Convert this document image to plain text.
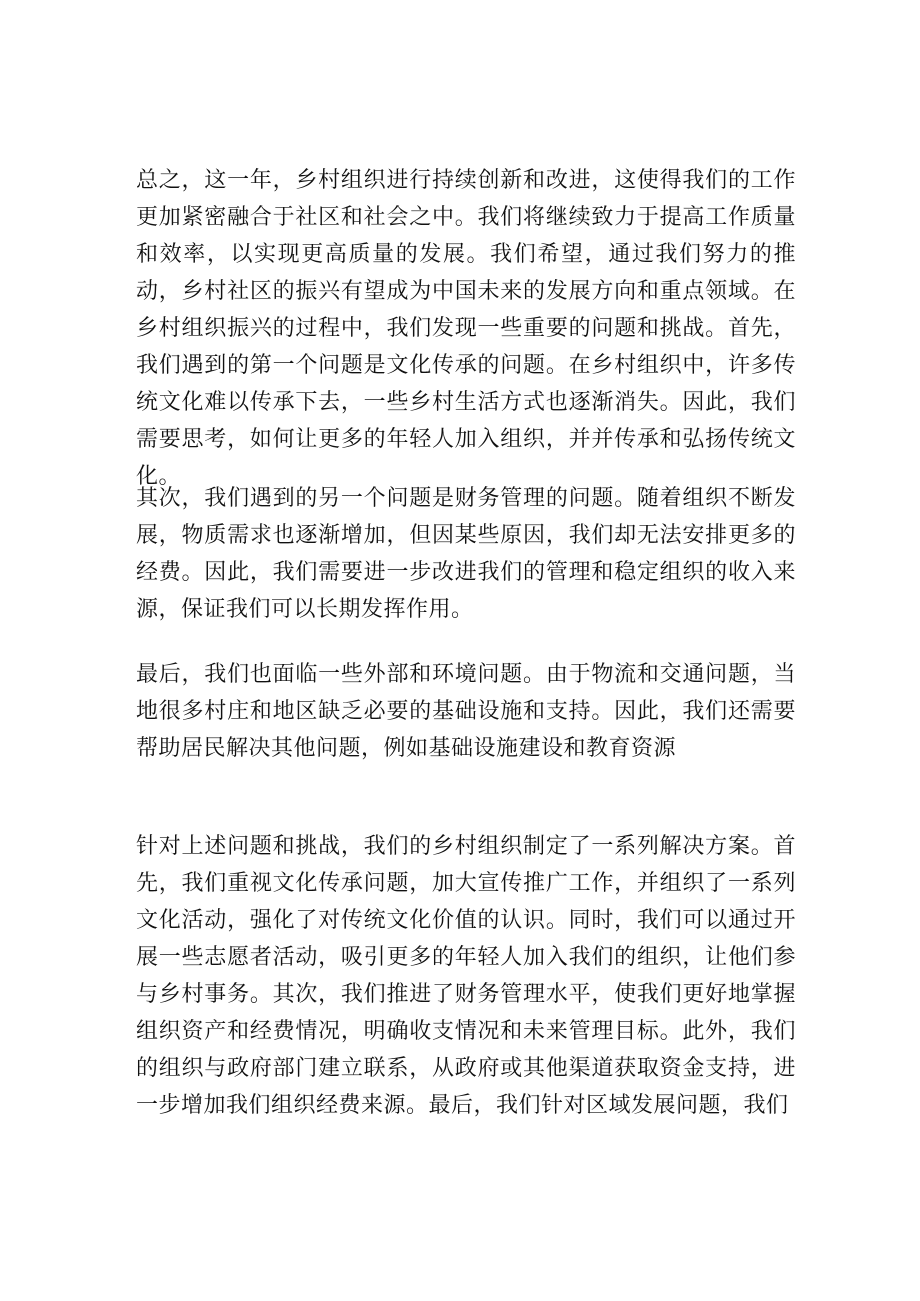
总之，这一年，乡村组织进行持续创新和改进，这使得我们的工作更加紧密融合于社区和社会之中。我们将继续致力于提高工作质量和效率，以实现更高质量的发展。我们希望，通过我们努力的推动，乡村社区的振兴有望成为中国未来的发展方向和重点领域。在乡村组织振兴的过程中，我们发现一些重要的问题和挑战。首先，我们遇到的第一个问题是文化传承的问题。在乡村组织中，许多传统文化难以传承下去，一些乡村生活方式也逐渐消失。因此，我们需要思考，如何让更多的年轻人加入组织，并并传承和弘扬传统文化。
其次，我们遇到的另一个问题是财务管理的问题。随着组织不断发展，物质需求也逐渐增加，但因某些原因，我们却无法安排更多的经费。因此，我们需要进一步改进我们的管理和稳定组织的收入来源，保证我们可以长期发挥作用。
最后，我们也面临一些外部和环境问题。由于物流和交通问题，当地很多村庄和地区缺乏必要的基础设施和支持。因此，我们还需要帮助居民解决其他问题，例如基础设施建设和教育资源
针对上述问题和挑战，我们的乡村组织制定了一系列解决方案。首先，我们重视文化传承问题，加大宣传推广工作，并组织了一系列文化活动，强化了对传统文化价值的认识。同时，我们可以通过开展一些志愿者活动，吸引更多的年轻人加入我们的组织，让他们参与乡村事务。其次，我们推进了财务管理水平，使我们更好地掌握组织资产和经费情况，明确收支情况和未来管理目标。此外，我们的组织与政府部门建立联系，从政府或其他渠道获取资金支持，进一步增加我们组织经费来源。最后，我们针对区域发展问题，我们
